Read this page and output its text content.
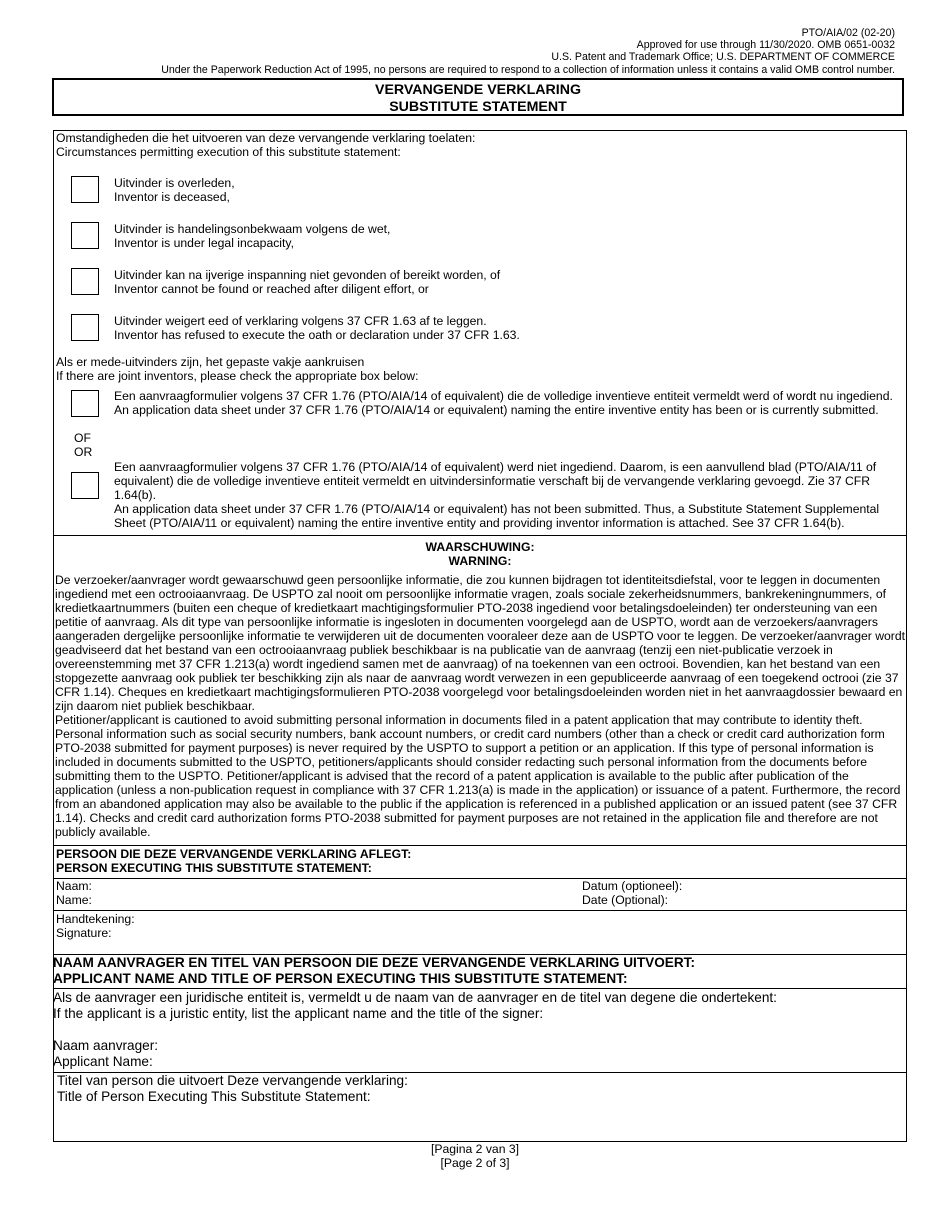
PTO/AIA/02 (02-20)
Approved for use through 11/30/2020. OMB 0651-0032
U.S. Patent and Trademark Office; U.S. DEPARTMENT OF COMMERCE
Under the Paperwork Reduction Act of 1995, no persons are required to respond to a collection of information unless it contains a valid OMB control number.
VERVANGENDE VERKLARING
SUBSTITUTE STATEMENT
Omstandigheden die het uitvoeren van deze vervangende verklaring toelaten:
Circumstances permitting execution of this substitute statement:
Uitvinder is overleden,
Inventor is deceased,
Uitvinder is handelingsonbekwaam volgens de wet,
Inventor is under legal incapacity,
Uitvinder kan na ijverige inspanning niet gevonden of bereikt worden, of
Inventor cannot be found or reached after diligent effort, or
Uitvinder weigert eed of verklaring volgens 37 CFR 1.63 af te leggen.
Inventor has refused to execute the oath or declaration under 37 CFR 1.63.
Als er mede-uitvinders zijn, het gepaste vakje aankruisen
If there are joint inventors, please check the appropriate box below:
Een aanvraagformulier volgens 37 CFR 1.76 (PTO/AIA/14 of equivalent) die de volledige inventieve entiteit vermeldt werd of wordt nu ingediend.
An application data sheet under 37 CFR 1.76 (PTO/AIA/14 or equivalent) naming the entire inventive entity has been or is currently submitted.
OF
OR
Een aanvraagformulier volgens 37 CFR 1.76 (PTO/AIA/14 of equivalent) werd niet ingediend. Daarom, is een aanvullend blad (PTO/AIA/11 of equivalent) die de volledige inventieve entiteit vermeldt en uitvindersinformatie verschaft bij de vervangende verklaring gevoegd. Zie 37 CFR 1.64(b).
An application data sheet under 37 CFR 1.76 (PTO/AIA/14 or equivalent) has not been submitted. Thus, a Substitute Statement Supplemental Sheet (PTO/AIA/11 or equivalent) naming the entire inventive entity and providing inventor information is attached. See 37 CFR 1.64(b).
WAARSCHUWING:
WARNING:
De verzoeker/aanvrager wordt gewaarschuwd geen persoonlijke informatie, die zou kunnen bijdragen tot identiteitsdiefstal, voor te leggen in documenten ingediend met een octrooiaanvraag. De USPTO zal nooit om persoonlijke informatie vragen, zoals sociale zekerheidsnummers, bankrekeningnummers, of kredietkaartnummers (buiten een cheque of kredietkaart machtigingsformulier PTO-2038 ingediend voor betalingsdoeleinden) ter ondersteuning van een petitie of aanvraag. Als dit type van persoonlijke informatie is ingesloten in documenten voorgelegd aan de USPTO, wordt aan de verzoekers/aanvragers aangeraden dergelijke persoonlijke informatie te verwijderen uit de documenten vooraleer deze aan de USPTO voor te leggen. De verzoeker/aanvrager wordt geadviseerd dat het bestand van een octrooiaanvraag publiek beschikbaar is na publicatie van de aanvraag (tenzij een niet-publicatie verzoek in overeenstemming met 37 CFR 1.213(a) wordt ingediend samen met de aanvraag) of na toekennen van een octrooi. Bovendien, kan het bestand van een stopgezette aanvraag ook publiek ter beschikking zijn als naar de aanvraag wordt verwezen in een gepubliceerde aanvraag of een toegekend octrooi (zie 37 CFR 1.14). Cheques en kredietkaart machtigingsformulieren PTO-2038 voorgelegd voor betalingsdoeleinden worden niet in het aanvraagdossier bewaard en zijn daarom niet publiek beschikbaar.
Petitioner/applicant is cautioned to avoid submitting personal information in documents filed in a patent application that may contribute to identity theft. Personal information such as social security numbers, bank account numbers, or credit card numbers (other than a check or credit card authorization form PTO-2038 submitted for payment purposes) is never required by the USPTO to support a petition or an application. If this type of personal information is included in documents submitted to the USPTO, petitioners/applicants should consider redacting such personal information from the documents before submitting them to the USPTO. Petitioner/applicant is advised that the record of a patent application is available to the public after publication of the application (unless a non-publication request in compliance with 37 CFR 1.213(a) is made in the application) or issuance of a patent. Furthermore, the record from an abandoned application may also be available to the public if the application is referenced in a published application or an issued patent (see 37 CFR 1.14). Checks and credit card authorization forms PTO-2038 submitted for payment purposes are not retained in the application file and therefore are not publicly available.
PERSOON DIE DEZE VERVANGENDE VERKLARING AFLEGT:
PERSON EXECUTING THIS SUBSTITUTE STATEMENT:
Naam:
Name:
Datum (optioneel):
Date (Optional):
Handtekening:
Signature:
NAAM AANVRAGER EN TITEL VAN PERSOON DIE DEZE VERVANGENDE VERKLARING UITVOERT:
APPLICANT NAME AND TITLE OF PERSON EXECUTING THIS SUBSTITUTE STATEMENT:
Als de aanvrager een juridische entiteit is, vermeldt u de naam van de aanvrager en de titel van degene die ondertekent:
If the applicant is a juristic entity, list the applicant name and the title of the signer:
Naam aanvrager:
Applicant Name:
Titel van person die uitvoert Deze vervangende verklaring:
Title of Person Executing This Substitute Statement:
[Pagina 2 van 3]
[Page 2 of 3]
